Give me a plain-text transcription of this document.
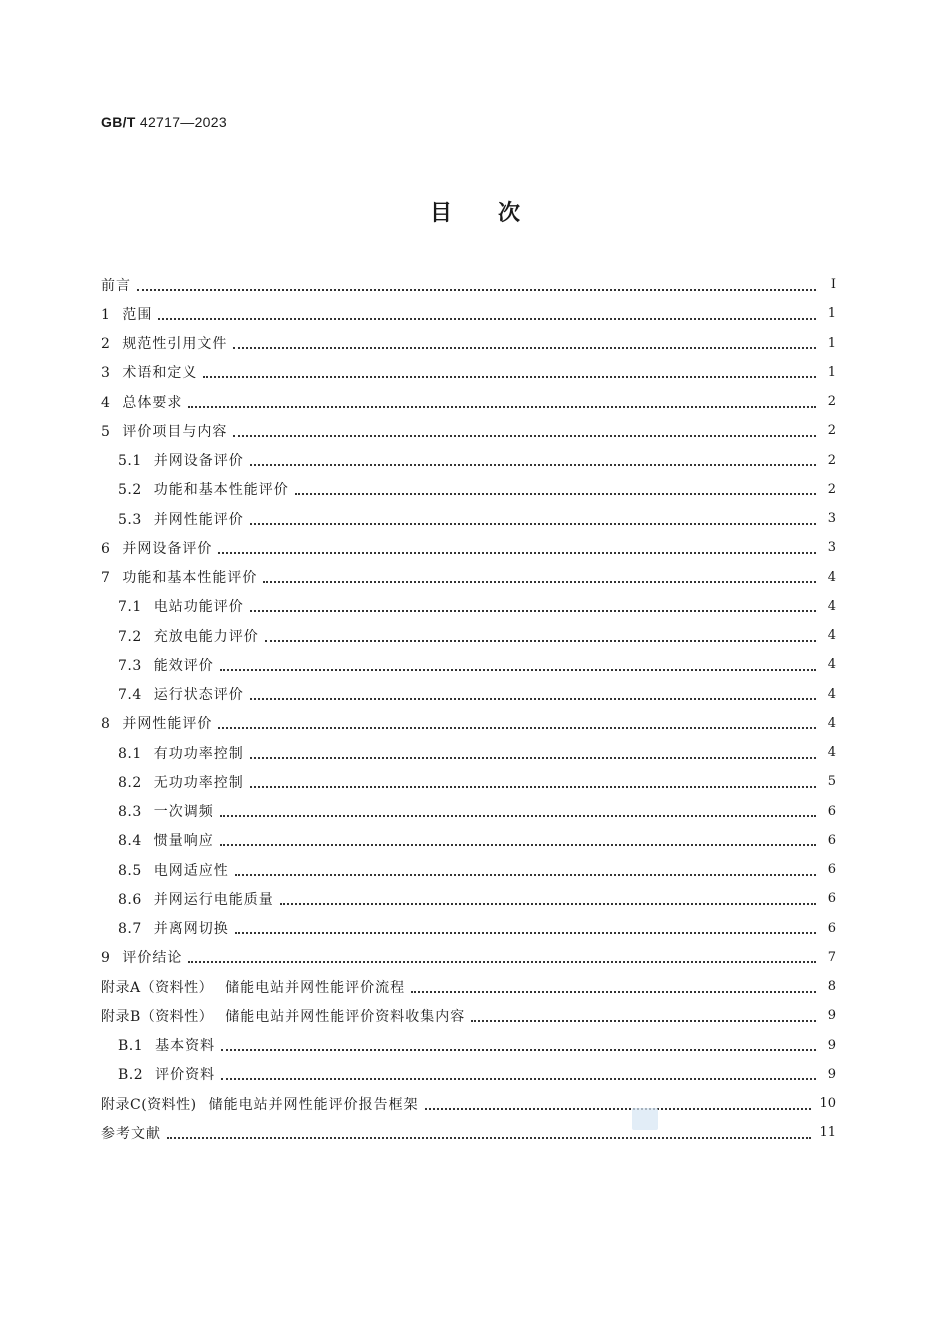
GB/T 42717—2023
目次
前言	Ⅰ
1 范围	1
2 规范性引用文件	1
3 术语和定义	1
4 总体要求	2
5 评价项目与内容	2
5.1 并网设备评价	2
5.2 功能和基本性能评价	2
5.3 并网性能评价	3
6 并网设备评价	3
7 功能和基本性能评价	4
7.1 电站功能评价	4
7.2 充放电能力评价	4
7.3 能效评价	4
7.4 运行状态评价	4
8 并网性能评价	4
8.1 有功功率控制	4
8.2 无功功率控制	5
8.3 一次调频	6
8.4 惯量响应	6
8.5 电网适应性	6
8.6 并网运行电能质量	6
8.7 并离网切换	6
9 评价结论	7
附录A（资料性） 储能电站并网性能评价流程	8
附录B（资料性） 储能电站并网性能评价资料收集内容	9
B.1 基本资料	9
B.2 评价资料	9
附录C(资料性) 储能电站并网性能评价报告框架	10
参考文献	11
